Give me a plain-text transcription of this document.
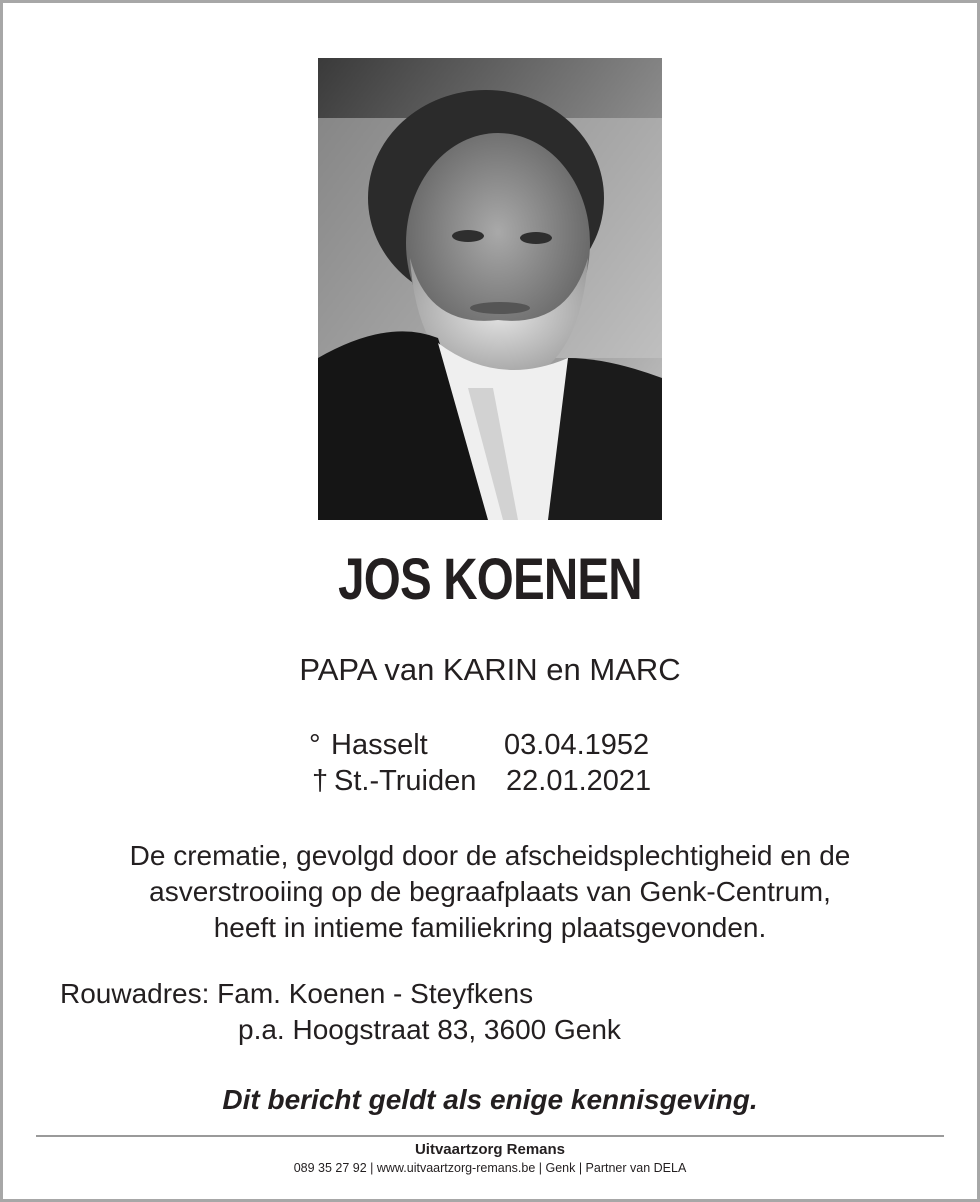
JOS KOENEN
PAPA van KARIN en MARC
° Hasselt	03.04.1952
† St.-Truiden 22.01.2021
De crematie, gevolgd door de afscheidsplechtigheid en de
asverstrooiing op de begraafplaats van Genk-Centrum,
heeft in intieme familiekring plaatsgevonden.
Rouwadres: Fam. Koenen - Steyfkens
p.a. Hoogstraat 83, 3600 Genk
Dit bericht geldt als enige kennisgeving.
Uitvaartzorg Remans
089 35 27 92 | www.uitvaartzorg-remans.be | Genk | Partner van DELA
